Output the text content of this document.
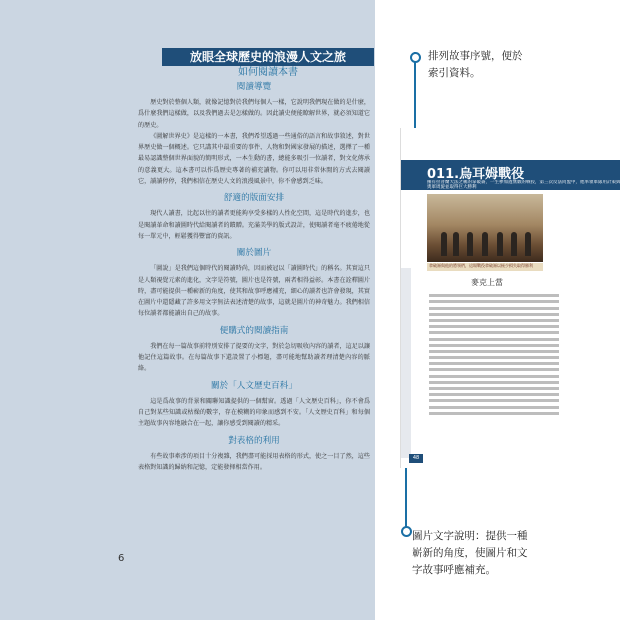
放眼全球歷史的浪漫人文之旅
如何閱讀本書
閱讀導覽

歷史對於整個人類，就像記憶對於我們每個人一樣，它說明我們現在做的是什麼，爲什麼我們這樣做，以及我們過去是怎樣做的。因此讀史便能瞭解世界，就必須知道它的歷史。

《圖解世界史》是這樣的一本書，我們希望透過一些通俗的語言和故事敘述，對世界歷史做一個概述。它只講其中最重要的事件、人物和對國家發展的描述，選擇了一種最易認識整個世界面貌的簡明形式，一本生動的書，總能多吸引一位讀者，對文化傳承的意義更大。這本書可以作爲歷史專著的補充讀物。你可以用非常休閒的方式去閱讀它，讀讀停停，我們相信在歷史人文的浪漫風景中，你不會感到乏味。

舒適的版面安排

現代人讀書，比起以往的讀者更能夠享受多樣的人性化空間，這是時代的進步，也是閱讀革命和讀圖時代給閱讀者的饋贈。充滿美學的版式設計，使閱讀者毫不疲倦地從每一單元中，輕鬆獲得豐富的資訊。

關於圖片

「圖說」是我們這個時代的閱讀時尚，因而被冠以「讀圖時代」的稱名。其實這只是人類視覺元素的進化，文字是符號，圖片也是符號，兩者相得益彰。本書在詮釋圖片時，盡可能提供一種嶄新的角度，使其和故事呼應補充，細心的讀者也許會發現，其實在圖片中還隱藏了許多用文字無法表述清楚的故事，這就是圖片的神奇魅力。我們相信每位讀者都能讀出自己的故事。

便購式的閱讀指南

我們在每一篇故事前特別安排了提要的文字，對於急切吸收內容的讀者，這足以讓他記住這篇故事。在每篇故事下還設置了小標題，盡可能地幫助讀者理清楚內容的脈絡。

關於「人文歷史百科」

這是爲故事的背景和關聯知識提供的一個幫窗。透過「人文歷史百科」，你不會爲自己對某些知識或枯燥的數字，存在模糊的印象而感到不安。「人文歷史百科」和每個主題故事內容地融合在一起，讓你感受到閱讀的精采。

對表格的利用

有些故事牽涉的項目十分複雜，我們盡可能採用表格的形式，使之一目了然，這些表格對知識的歸納和記憶，定能發揮相當作用。

6
排列故事序號，便於索引資料。
圖片文字說明：提供一種嶄新的角度，使圖片和文字故事呼應補充。
011.烏耳姆戰役
擁有拉普蘭大法之稱的拿破崙，一生參加過無數的戰役，第三次反法同盟中，他率領軍隊用計策與奧軍周旋並取得巨大勝利
拿破崙與他的將領們，這場戰役拿破崙以極少損失取得勝利
麥克上當
48
